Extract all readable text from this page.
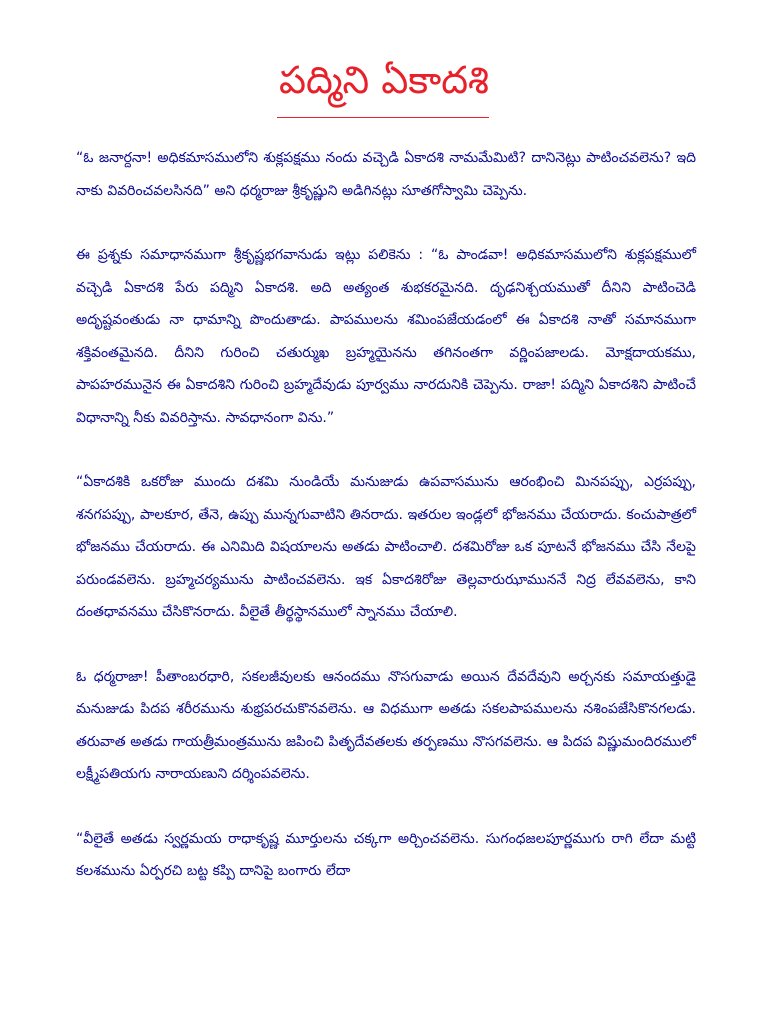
పద్మిని ఏకాదశి

“ఓ జనార్దనా! అధికమాసములోని శుక్లపక్షము నందు వచ్చెడి ఏకాదశి నామమేమిటి? దానినెట్లు పాటించవలెను? ఇది నాకు వివరించవలసినది” అని ధర్మరాజు శ్రీకృష్ణుని అడిగినట్లు సూతగోస్వామి చెప్పెను.

ఈ ప్రశ్నకు సమాధానముగా శ్రీకృష్ణభగవానుడు ఇట్లు పలికెను : “ఓ పాండవా! అధికమాసములోని శుక్లపక్షములో వచ్చెడి ఏకాదశి పేరు పద్మిని ఏకాదశి. అది అత్యంత శుభకరమైనది. దృఢనిశ్చయముతో దీనిని పాటించెడి అదృష్టవంతుడు నా ధామాన్ని పొందుతాడు. పాపములను శమింపజేయడంలో ఈ ఏకాదశి నాతో సమానముగా శక్తివంతమైనది. దీనిని గురించి చతుర్ముఖ బ్రహ్మయైనను తగినంతగా వర్ణింపజాలడు. మోక్షదాయకము, పాపహరమునైన ఈ ఏకాదశిని గురించి బ్రహ్మదేవుడు పూర్వము నారదునికి చెప్పెను. రాజా! పద్మిని ఏకాదశిని పాటించే విధానాన్ని నీకు వివరిస్తాను. సావధానంగా విను.”

“ఏకాదశికి ఒకరోజు ముందు దశమి నుండియే మనుజుడు ఉపవాసమును ఆరంభించి మినపప్పు, ఎర్రపప్పు, శనగపప్పు, పాలకూర, తేనె, ఉప్పు మున్నగువాటిని తినరాదు. ఇతరుల ఇండ్లలో భోజనము చేయరాదు. కంచుపాత్రలో భోజనము చేయరాదు. ఈ ఎనిమిది విషయాలను అతడు పాటించాలి. దశమిరోజు ఒక పూటనే భోజనము చేసి నేలపై పరుండవలెను. బ్రహ్మచర్యమును పాటించవలెను. ఇక ఏకాదశిరోజు తెల్లవారుఝాముననే నిద్ర లేవవలెను, కాని దంతధావనము చేసికొనరాదు. వీలైతే తీర్థస్థానములో స్నానము చేయాలి.

ఓ ధర్మరాజా! పీతాంబరధారి, సకలజీవులకు ఆనందము నొసగువాడు అయిన దేవదేవుని అర్చనకు సమాయత్తుడై మనుజుడు పిదప శరీరమును శుభ్రపరచుకొనవలెను. ఆ విధముగా అతడు సకలపాపములను నశింపజేసికొనగలడు. తరువాత అతడు గాయత్రీమంత్రమును జపించి పితృదేవతలకు తర్పణము నొసగవలెను. ఆ పిదప విష్ణుమందిరములో లక్ష్మీపతియగు నారాయణుని దర్శింపవలెను.

“వీలైతే అతడు స్వర్ణమయ రాధాకృష్ణ మూర్తులను చక్కగా అర్చించవలెను. సుగంధజలపూర్ణముగు రాగి లేదా మట్టి కలశమును ఏర్పరచి బట్ట కప్పి దానిపై బంగారు లేదా
